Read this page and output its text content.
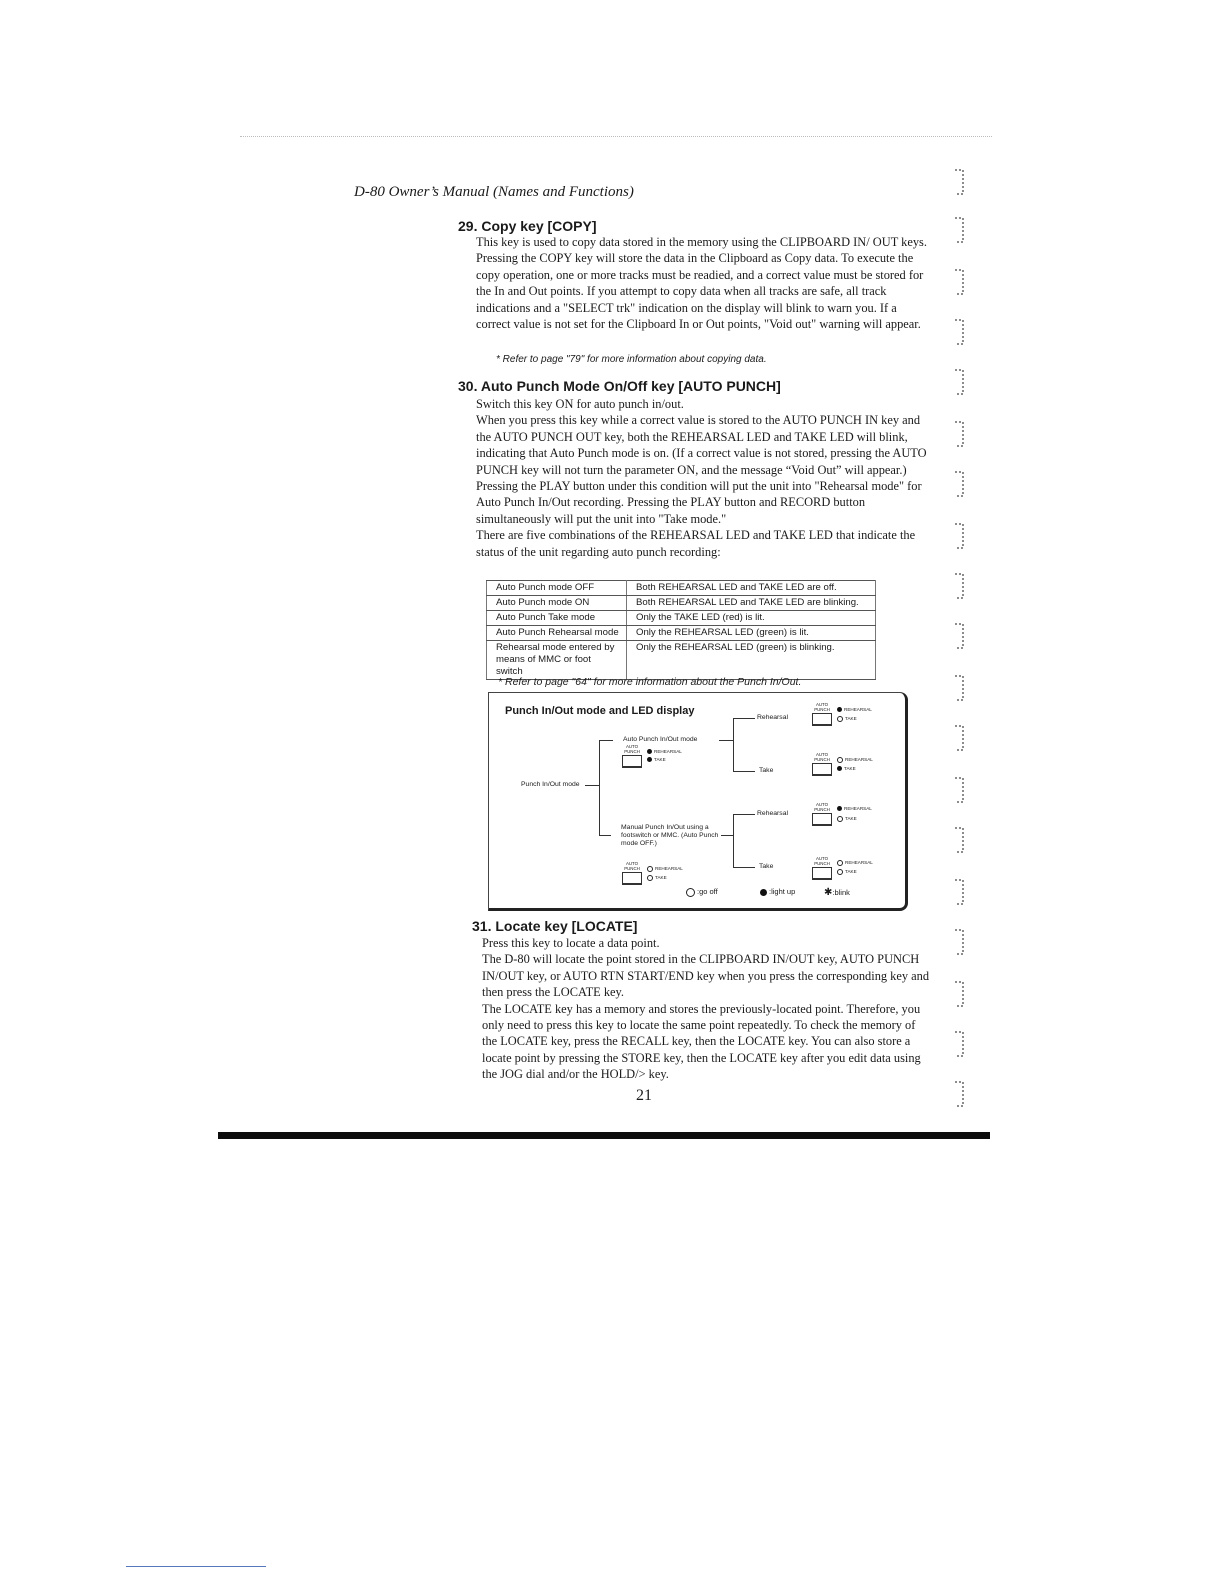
D-80 Owner’s Manual (Names and Functions)
29. Copy key [COPY]

This key is used to copy data stored in the memory using the CLIPBOARD IN/ OUT keys. Pressing the COPY key will store the data in the Clipboard as Copy data. To execute the copy operation, one or more tracks must be readied, and a correct value must be stored for the In and Out points. If you attempt to copy data when all tracks are safe, all track indications and a "SELECT trk" indication on the display will blink to warn you. If a correct value is not set for the Clipboard In or Out points, "Void out" warning will appear.

* Refer to page "79" for more information about copying data.
30. Auto Punch Mode On/Off key [AUTO PUNCH]

Switch this key ON for auto punch in/out.

When you press this key while a correct value is stored to the AUTO PUNCH IN key and the AUTO PUNCH OUT key, both the REHEARSAL LED and TAKE LED will blink, indicating that Auto Punch mode is on. (If a correct value is not stored, pressing the AUTO PUNCH key will not turn the parameter ON, and the message “Void Out” will appear.)

Pressing the PLAY button under this condition will put the unit into "Rehearsal mode" for Auto Punch In/Out recording. Pressing the PLAY button and RECORD button simultaneously will put the unit into "Take mode."

There are five combinations of the REHEARSAL LED and TAKE LED that indicate the status of the unit regarding auto punch recording:

Auto Punch mode OFF	Both REHEARSAL LED and TAKE LED are off.
Auto Punch mode ON	Both REHEARSAL LED and TAKE LED are blinking.
Auto Punch Take mode	Only the TAKE LED (red) is lit.
Auto Punch Rehearsal mode	Only the REHEARSAL LED (green) is lit.
Rehearsal mode entered by means of MMC or foot switch	Only the REHEARSAL LED (green) is blinking.
* Refer to page "64" for more information about the Punch In/Out.
Punch In/Out mode and LED display
Punch In/Out mode
Auto Punch In/Out mode
Rehearsal
Take
AUTO
PUNCH	REHEARSAL
TAKE
AUTO
PUNCH	REHEARSAL
TAKE
AUTO
PUNCH	REHEARSAL
TAKE
Manual Punch In/Out using a footswitch or MMC. (Auto Punch mode OFF.)
Rehearsal
Take
AUTO
PUNCH	REHEARSAL
TAKE
AUTO
PUNCH	REHEARSAL
TAKE
AUTO
PUNCH	REHEARSAL
TAKE
:go off	:light up	✱:blink
31. Locate key [LOCATE]

Press this key to locate a data point.

The D-80 will locate the point stored in the CLIPBOARD IN/OUT key, AUTO PUNCH IN/OUT key, or AUTO RTN START/END key when you press the corresponding key and then press the LOCATE key.

The LOCATE key has a memory and stores the previously-located point. Therefore, you only need to press this key to locate the same point repeatedly. To check the memory of the LOCATE key, press the RECALL key, then the LOCATE key. You can also store a locate point by pressing the STORE key, then the LOCATE key after you edit data using the JOG dial and/or the HOLD/> key.

21
